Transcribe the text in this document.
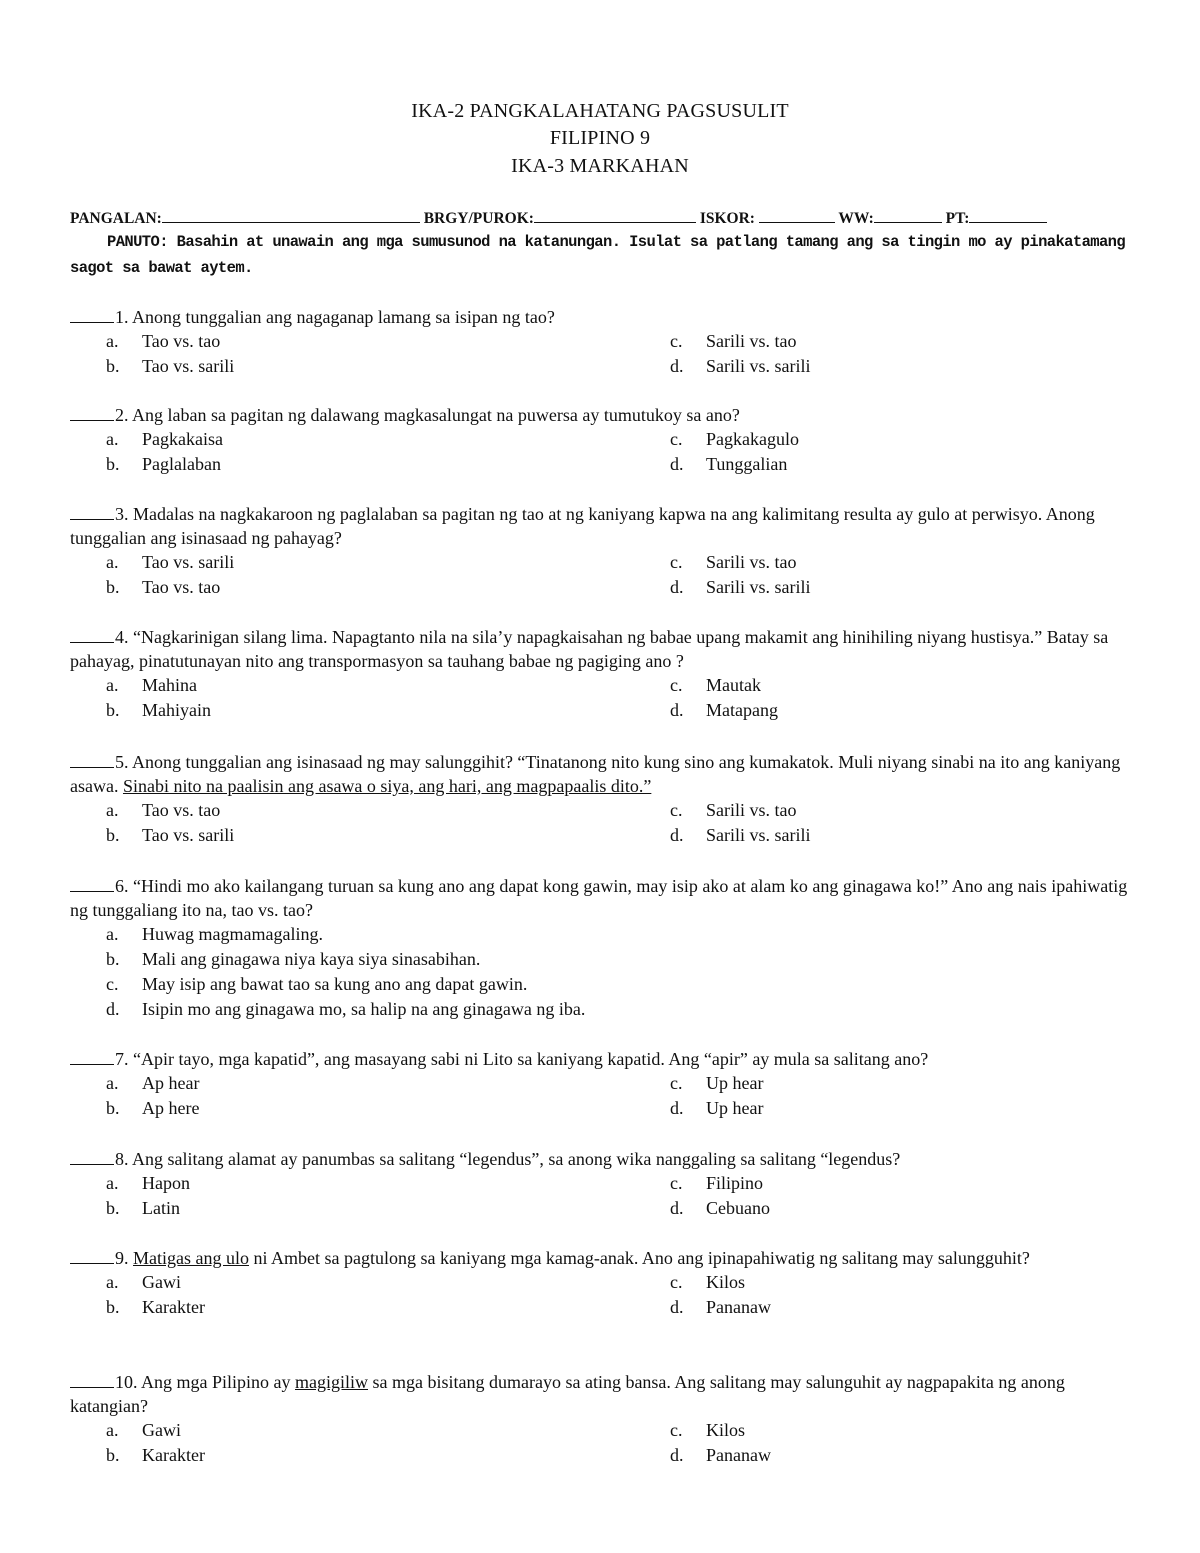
IKA-2 PANGKALAHATANG PAGSUSULIT
FILIPINO 9
IKA-3 MARKAHAN
PANGALAN:	BRGY/PUROK:	ISKOR:	WW:	PT:
PANUTO: Basahin at unawain ang mga sumusunod na katanungan. Isulat sa patlang tamang ang sa tingin mo ay pinakatamang sagot sa bawat aytem.
1. Anong tunggalian ang nagaganap lamang sa isipan ng tao?
a. Tao vs. tao
b. Tao vs. sarili
c. Sarili vs. tao
d. Sarili vs. sarili
2. Ang laban sa pagitan ng dalawang magkasalungat na puwersa ay tumutukoy sa ano?
a. Pagkakaisa
b. Paglalaban
c. Pagkakagulo
d. Tunggalian
3. Madalas na nagkakaroon ng paglalaban sa pagitan ng tao at ng kaniyang kapwa na ang kalimitang resulta ay gulo at perwisyo. Anong tunggalian ang isinasaad ng pahayag?
a. Tao vs. sarili
b. Tao vs. tao
c. Sarili vs. tao
d. Sarili vs. sarili
4. “Nagkarinigan silang lima. Napagtanto nila na sila’y napagkaisahan ng babae upang makamit ang hinihiling niyang hustisya.” Batay sa pahayag, pinatutunayan nito ang transpormasyon sa tauhang babae ng pagiging ano ?
a. Mahina
b. Mahiyain
c. Mautak
d. Matapang
5. Anong tunggalian ang isinasaad ng may salunggihit? “Tinatanong nito kung sino ang kumakatok. Muli niyang sinabi na ito ang kaniyang asawa. Sinabi nito na paalisin ang asawa o siya, ang hari, ang magpapaalis dito.”
a. Tao vs. tao
b. Tao vs. sarili
c. Sarili vs. tao
d. Sarili vs. sarili
6. “Hindi mo ako kailangang turuan sa kung ano ang dapat kong gawin, may isip ako at alam ko ang ginagawa ko!” Ano ang nais ipahiwatig ng tunggaliang ito na, tao vs. tao?
a. Huwag magmamagaling.
b. Mali ang ginagawa niya kaya siya sinasabihan.
c. May isip ang bawat tao sa kung ano ang dapat gawin.
d. Isipin mo ang ginagawa mo, sa halip na ang ginagawa ng iba.
7. “Apir tayo, mga kapatid”, ang masayang sabi ni Lito sa kaniyang kapatid. Ang “apir” ay mula sa salitang ano?
a. Ap hear
b. Ap here
c. Up hear
d. Up hear
8. Ang salitang alamat ay panumbas sa salitang “legendus”, sa anong wika nanggaling sa salitang “legendus?
a. Hapon
b. Latin
c. Filipino
d. Cebuano
9. Matigas ang ulo ni Ambet sa pagtulong sa kaniyang mga kamag-anak. Ano ang ipinapahiwatig ng salitang may salungguhit?
a. Gawi
b. Karakter
c. Kilos
d. Pananaw
10. Ang mga Pilipino ay magigiliw sa mga bisitang dumarayo sa ating bansa. Ang salitang may salunguhit ay nagpapakita ng anong katangian?
a. Gawi
b. Karakter
c. Kilos
d. Pananaw
